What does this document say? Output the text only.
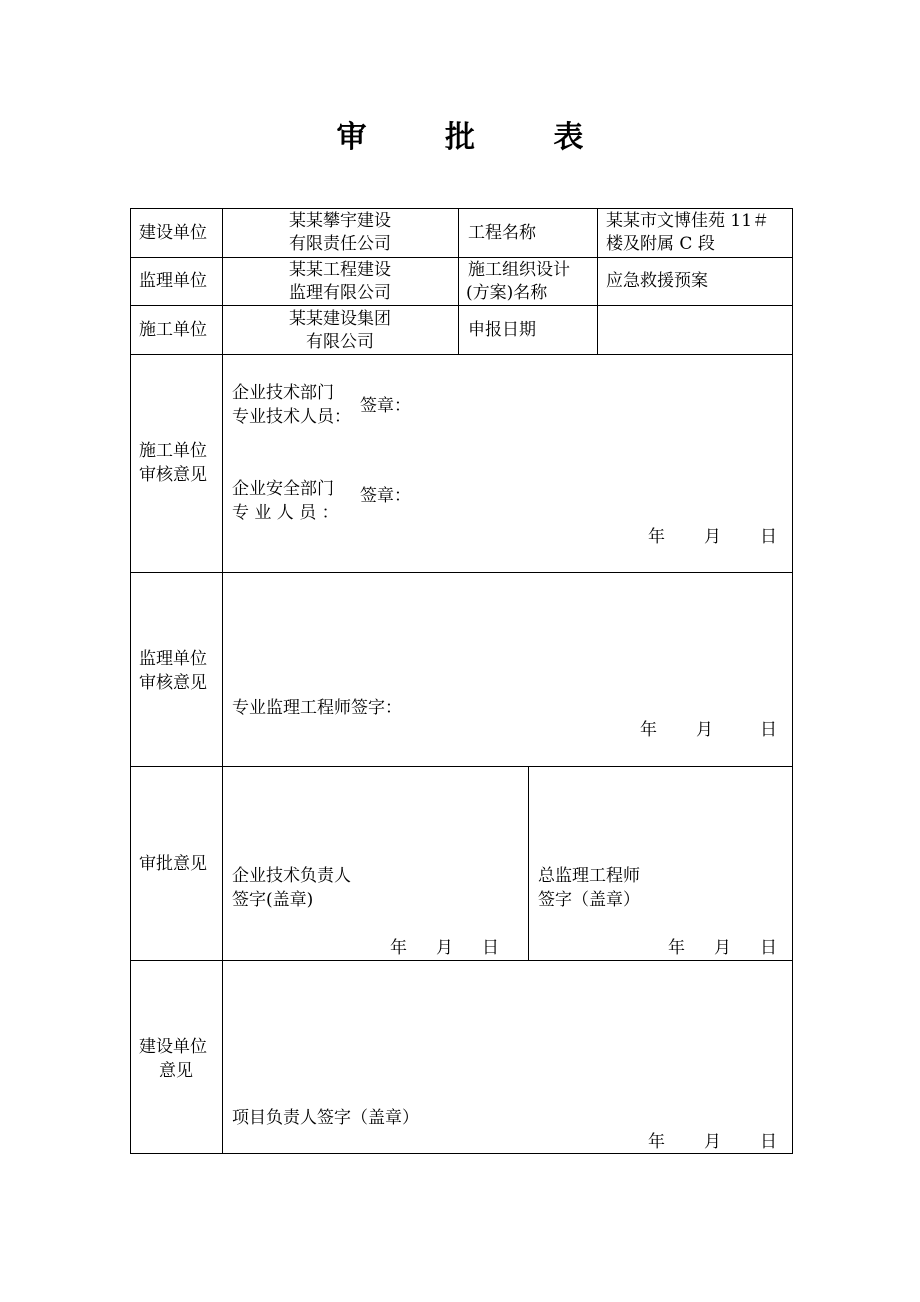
审 批 表
建设单位
某某攀宇建设
有限责任公司
工程名称
某某市文博佳苑 11＃
楼及附属 C 段
监理单位
某某工程建设
监理有限公司
施工组织设计
(方案)名称
应急救援预案
施工单位
某某建设集团
有限公司
申报日期
施工单位
审核意见
企业技术部门
专业技术人员：
签章：
企业安全部门
专 业 人 员 ：
签章：
年 月 日
监理单位
审核意见
专业监理工程师签字：
年 月	日
审批意见
企业技术负责人
签字(盖章)
年 月 日
总监理工程师
签字（盖章）
年 月 日
建设单位
意见
项目负责人签字（盖章）
年 月 日
